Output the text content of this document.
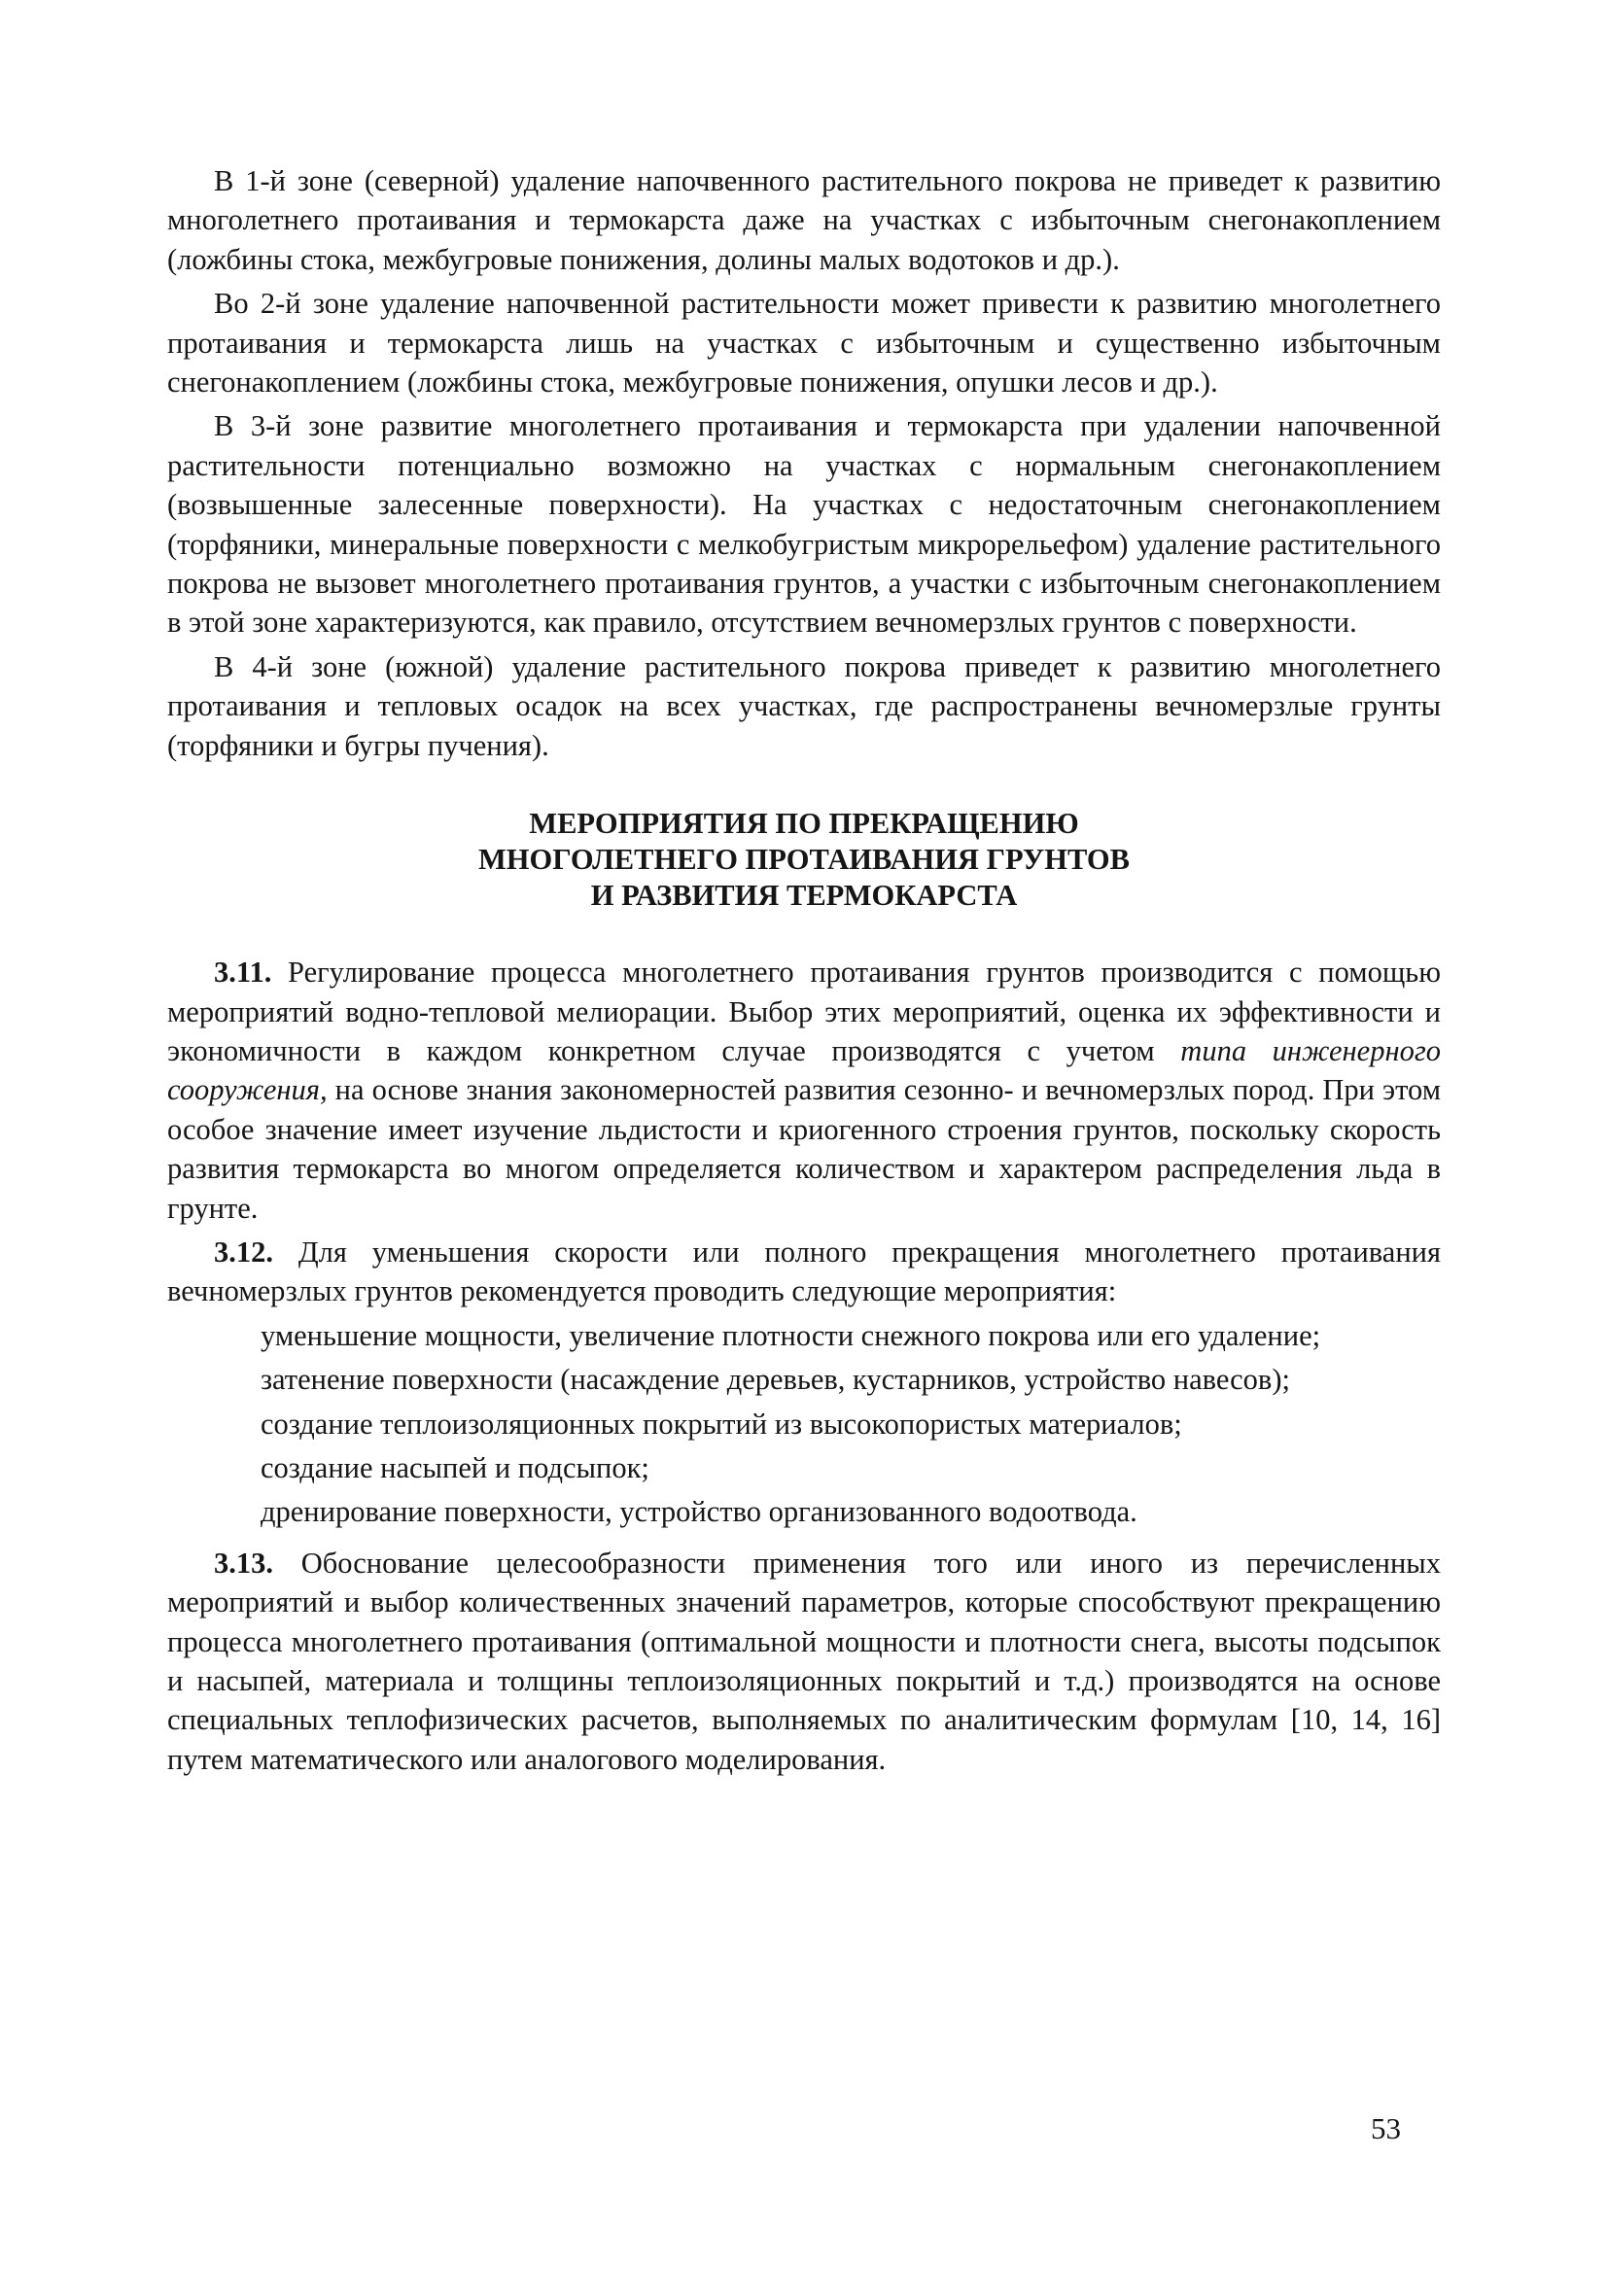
В 1-й зоне (северной) удаление напочвенного растительного покрова не приведет к развитию многолетнего протаивания и термокарста даже на участках с избыточным снегонакоплением (ложбины стока, межбугровые понижения, долины малых водотоков и др.).

Во 2-й зоне удаление напочвенной растительности может привести к развитию многолетнего протаивания и термокарста лишь на участках с избыточным и существенно избыточным снегонакоплением (ложбины стока, межбугровые понижения, опушки лесов и др.).

В 3-й зоне развитие многолетнего протаивания и термокарста при удалении напочвенной растительности потенциально возможно на участках с нормальным снегонакоплением (возвышенные залесенные поверхности). На участках с недостаточным снегонакоплением (торфяники, минеральные поверхности с мелкобугристым микрорельефом) удаление растительного покрова не вызовет многолетнего протаивания грунтов, а участки с избыточным снегонакоплением в этой зоне характеризуются, как правило, отсутствием вечномерзлых грунтов с поверхности.

В 4-й зоне (южной) удаление растительного покрова приведет к развитию многолетнего протаивания и тепловых осадок на всех участках, где распространены вечномерзлые грунты (торфяники и бугры пучения).

МЕРОПРИЯТИЯ ПО ПРЕКРАЩЕНИЮ
МНОГОЛЕТНЕГО ПРОТАИВАНИЯ ГРУНТОВ
И РАЗВИТИЯ ТЕРМОКАРСТА

3.11. Регулирование процесса многолетнего протаивания грунтов производится с помощью мероприятий водно-тепловой мелиорации. Выбор этих мероприятий, оценка их эффективности и экономичности в каждом конкретном случае производятся с учетом типа инженерного сооружения, на основе знания закономерностей развития сезонно- и вечномерзлых пород. При этом особое значение имеет изучение льдистости и криогенного строения грунтов, поскольку скорость развития термокарста во многом определяется количеством и характером распределения льда в грунте.

3.12. Для уменьшения скорости или полного прекращения многолетнего протаивания вечномерзлых грунтов рекомендуется проводить следующие мероприятия:

уменьшение мощности, увеличение плотности снежного покрова или его удаление;

затенение поверхности (насаждение деревьев, кустарников, устройство навесов);

создание теплоизоляционных покрытий из высокопористых материалов;

создание насыпей и подсыпок;

дренирование поверхности, устройство организованного водоотвода.

3.13. Обоснование целесообразности применения того или иного из перечисленных мероприятий и выбор количественных значений параметров, которые способствуют прекращению процесса многолетнего протаивания (оптимальной мощности и плотности снега, высоты подсыпок и насыпей, материала и толщины теплоизоляционных покрытий и т.д.) производятся на основе специальных теплофизических расчетов, выполняемых по аналитическим формулам [10, 14, 16] путем математического или аналогового моделирования.

53
